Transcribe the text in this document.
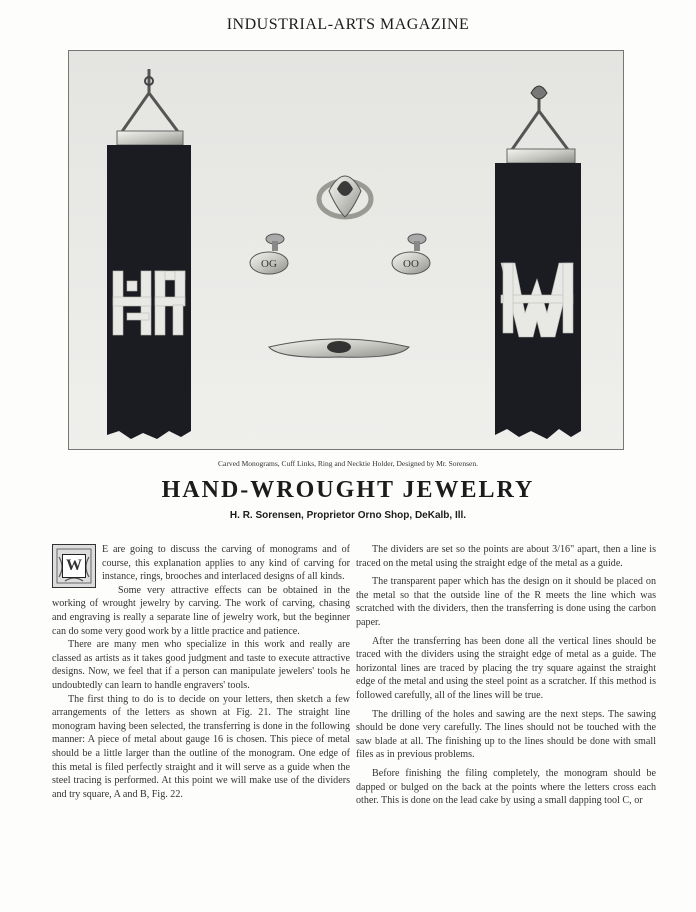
INDUSTRIAL-ARTS MAGAZINE
OG	OO
Carved Monograms, Cuff Links, Ring and Necktie Holder, Designed by Mr. Sorensen.
HAND-WROUGHT JEWELRY
H. R. Sorensen, Proprietor Orno Shop, DeKalb, Ill.

W
E are going to discuss the carving of monograms and of course, this explanation applies to any kind of carving for instance, rings, brooches and interlaced designs of all kinds.

Some very attractive effects can be obtained in the working of wrought jewelry by carving. The work of carving, chasing and engraving is really a separate line of jewelry work, but the beginner can do some very good work by a little practice and patience.

There are many men who specialize in this work and really are classed as artists as it takes good judgment and taste to execute attractive designs. Now, we feel that if a person can manipulate jewelers' tools he undoubtedly can learn to handle engravers' tools.

The first thing to do is to decide on your letters, then sketch a few arrangements of the letters as shown at Fig. 21. The straight line monogram having been selected, the transferring is done in the following manner: A piece of metal about gauge 16 is chosen. This piece of metal should be a little larger than the outline of the monogram. One edge of this metal is filed perfectly straight and it will serve as a guide when the steel tracing is performed. At this point we will make use of the dividers and try square, A and B, Fig. 22.

The dividers are set so the points are about 3/16" apart, then a line is traced on the metal using the straight edge of the metal as a guide.

The transparent paper which has the design on it should be placed on the metal so that the outside line of the R meets the line which was scratched with the dividers, then the transferring is done using the carbon paper.

After the transferring has been done all the vertical lines should be traced with the dividers using the straight edge of metal as a guide. The horizontal lines are traced by placing the try square against the straight edge of the metal and using the steel point as a scratcher. If this method is followed carefully, all of the lines will be true.

The drilling of the holes and sawing are the next steps. The sawing should be done very carefully. The lines should not be touched with the saw blade at all. The finishing up to the lines should be done with small files as in previous problems.

Before finishing the filing completely, the monogram should be dapped or bulged on the back at the points where the letters cross each other. This is done on the lead cake by using a small dapping tool C, or
